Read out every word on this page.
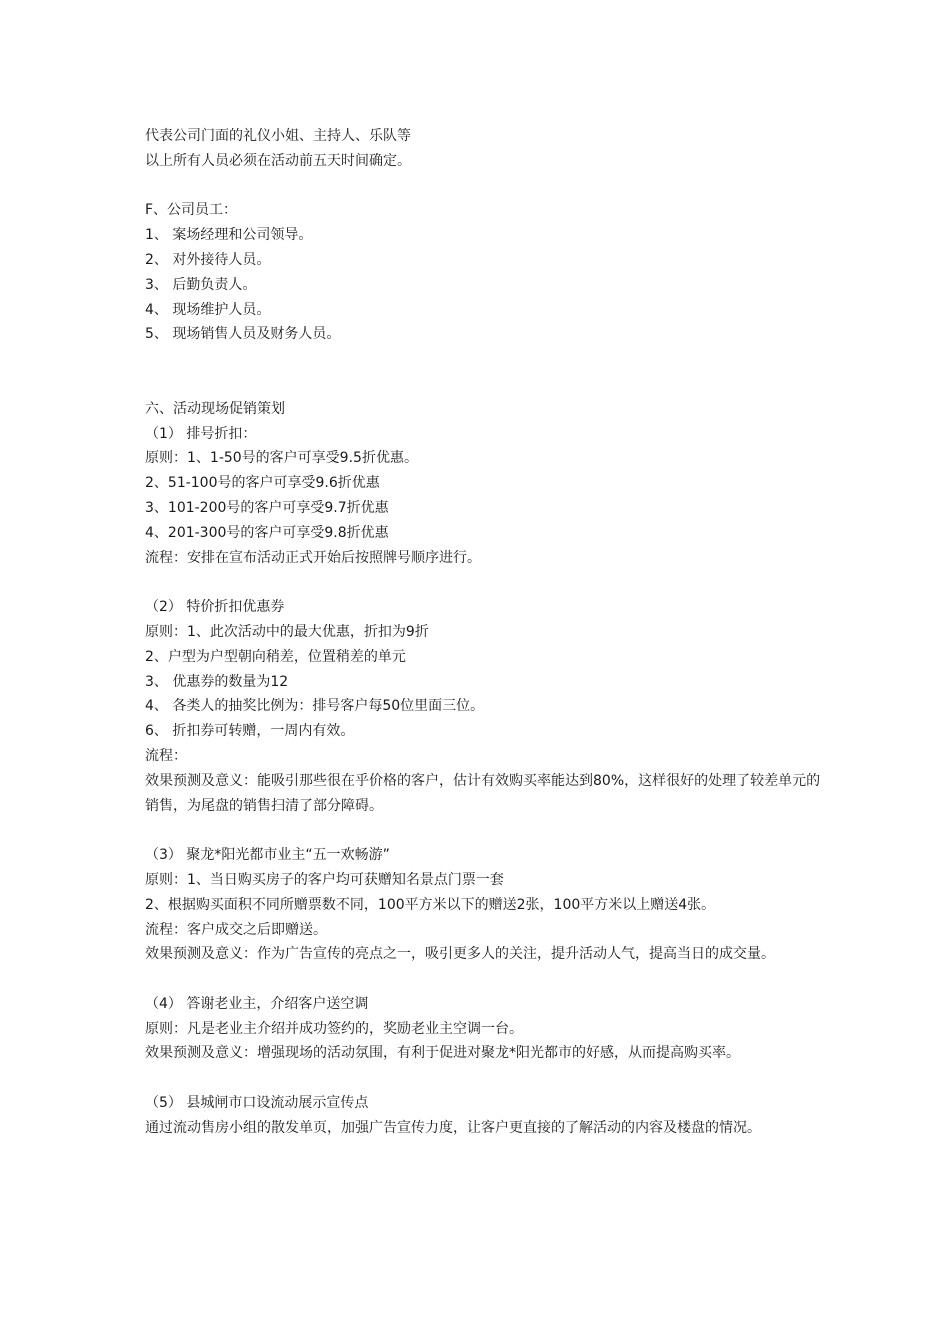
代表公司门面的礼仪小姐、主持人、乐队等
以上所有人员必须在活动前五天时间确定。
F、公司员工：
1、 案场经理和公司领导。
2、 对外接待人员。
3、 后勤负责人。
4、 现场维护人员。
5、 现场销售人员及财务人员。
六、活动现场促销策划
（1） 排号折扣：
原则：1、1-50号的客户可享受9.5折优惠。
2、51-100号的客户可享受9.6折优惠
3、101-200号的客户可享受9.7折优惠
4、201-300号的客户可享受9.8折优惠
流程：安排在宣布活动正式开始后按照牌号顺序进行。
（2） 特价折扣优惠券
原则：1、此次活动中的最大优惠，折扣为9折
2、户型为户型朝向稍差，位置稍差的单元
3、 优惠券的数量为12
4、 各类人的抽奖比例为：排号客户每50位里面三位。
6、 折扣券可转赠，一周内有效。
流程：
效果预测及意义：能吸引那些很在乎价格的客户，估计有效购买率能达到80%，这样很好的处理了较差单元的销售，为尾盘的销售扫清了部分障碍。
（3） 聚龙*阳光都市业主“五一欢畅游”
原则：1、当日购买房子的客户均可获赠知名景点门票一套
2、根据购买面积不同所赠票数不同，100平方米以下的赠送2张，100平方米以上赠送4张。
流程：客户成交之后即赠送。
效果预测及意义：作为广告宣传的亮点之一，吸引更多人的关注，提升活动人气，提高当日的成交量。
（4） 答谢老业主，介绍客户送空调
原则：凡是老业主介绍并成功签约的，奖励老业主空调一台。
效果预测及意义：增强现场的活动氛围，有利于促进对聚龙*阳光都市的好感，从而提高购买率。
（5） 县城闸市口设流动展示宣传点
通过流动售房小组的散发单页，加强广告宣传力度，让客户更直接的了解活动的内容及楼盘的情况。
